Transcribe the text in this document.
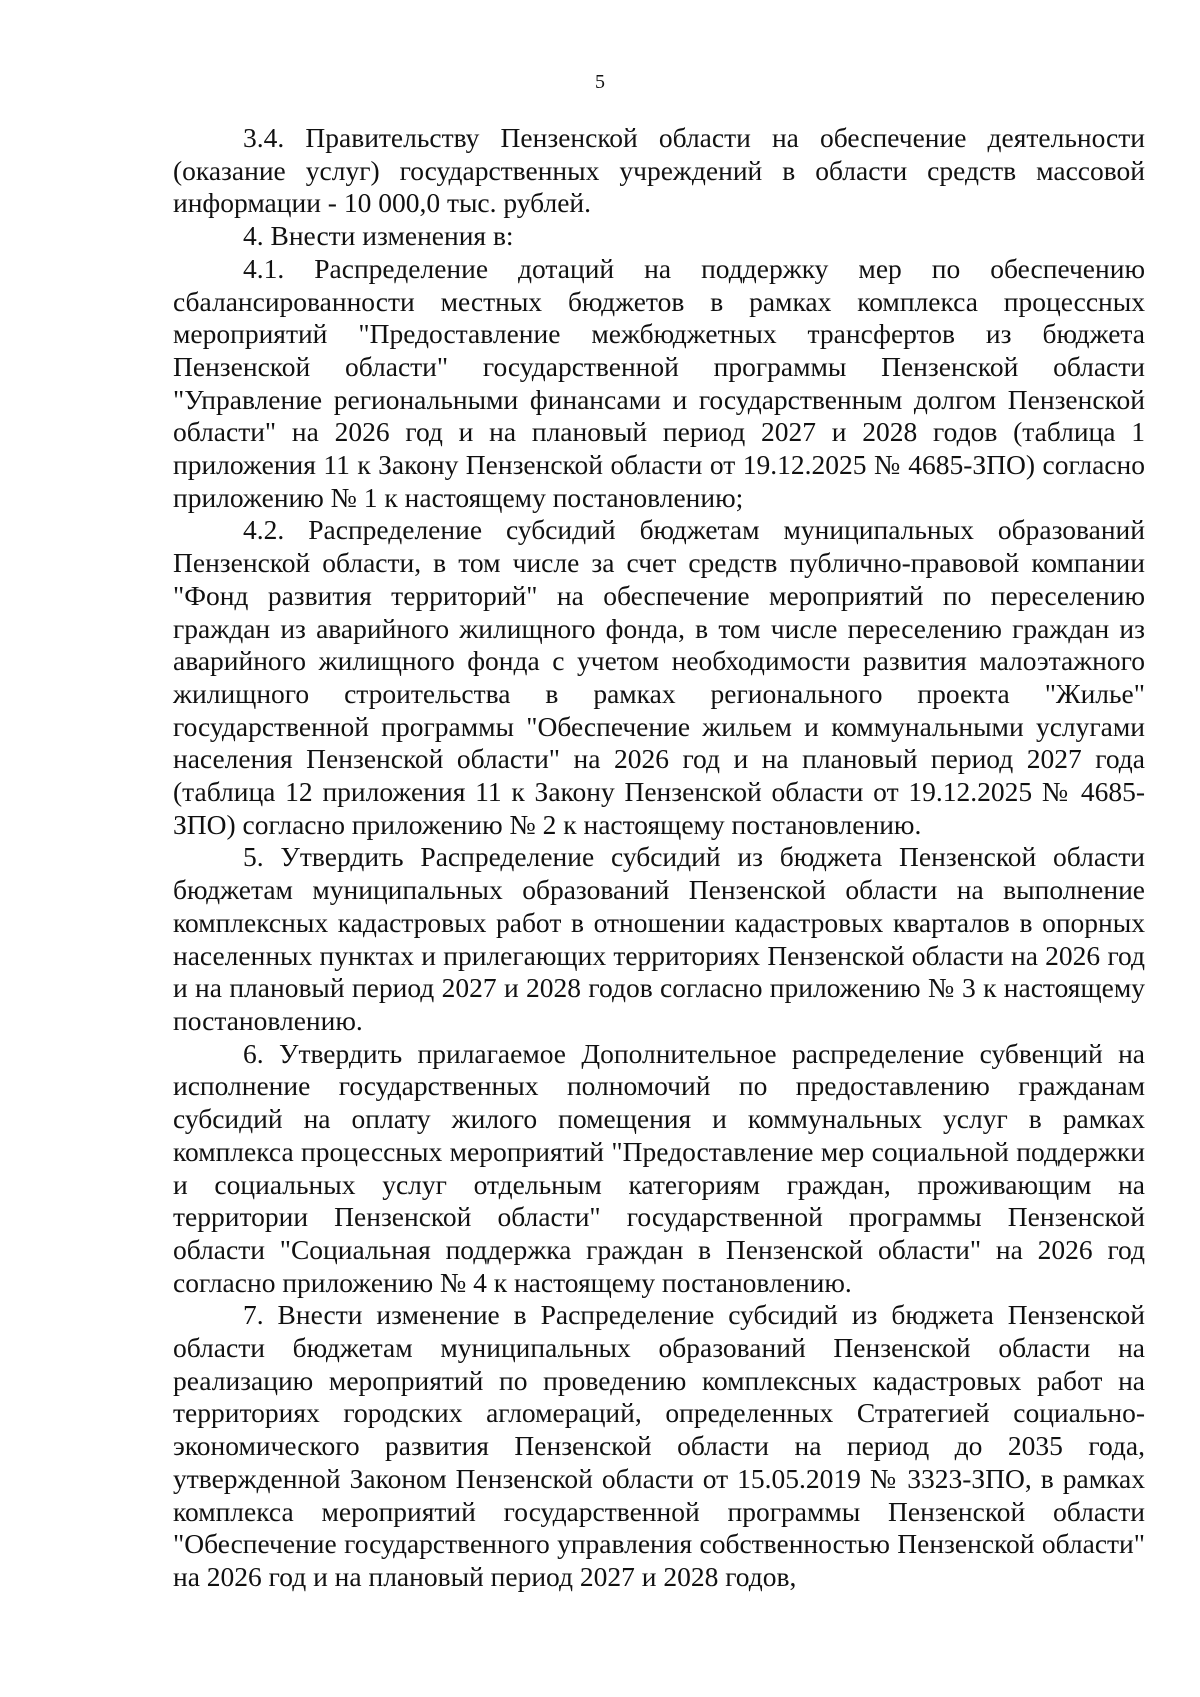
5

3.4. Правительству Пензенской области на обеспечение деятельности (оказание услуг) государственных учреждений в области средств массовой информации - 10 000,0 тыс. рублей.

4. Внести изменения в:

4.1. Распределение дотаций на поддержку мер по обеспечению сбалансированности местных бюджетов в рамках комплекса процессных мероприятий "Предоставление межбюджетных трансфертов из бюджета Пензенской области" государственной программы Пензенской области "Управление региональными финансами и государственным долгом Пензенской области" на 2026 год и на плановый период 2027 и 2028 годов (таблица 1 приложения 11 к Закону Пензенской области от 19.12.2025 № 4685-ЗПО) согласно приложению № 1 к настоящему постановлению;

4.2. Распределение субсидий бюджетам муниципальных образований Пензенской области, в том числе за счет средств публично-правовой компании "Фонд развития территорий" на обеспечение мероприятий по переселению граждан из аварийного жилищного фонда, в том числе переселению граждан из аварийного жилищного фонда с учетом необходимости развития малоэтажного жилищного строительства в рамках регионального проекта "Жилье" государственной программы "Обеспечение жильем и коммунальными услугами населения Пензенской области" на 2026 год и на плановый период 2027 года (таблица 12 приложения 11 к Закону Пензенской области от 19.12.2025 № 4685-ЗПО) согласно приложению № 2 к настоящему постановлению.

5. Утвердить Распределение субсидий из бюджета Пензенской области бюджетам муниципальных образований Пензенской области на выполнение комплексных кадастровых работ в отношении кадастровых кварталов в опорных населенных пунктах и прилегающих территориях Пензенской области на 2026 год и на плановый период 2027 и 2028 годов согласно приложению № 3 к настоящему постановлению.

6. Утвердить прилагаемое Дополнительное распределение субвенций на исполнение государственных полномочий по предоставлению гражданам субсидий на оплату жилого помещения и коммунальных услуг в рамках комплекса процессных мероприятий "Предоставление мер социальной поддержки и социальных услуг отдельным категориям граждан, проживающим на территории Пензенской области" государственной программы Пензенской области "Социальная поддержка граждан в Пензенской области" на 2026 год согласно приложению № 4 к настоящему постановлению.

7. Внести изменение в Распределение субсидий из бюджета Пензенской области бюджетам муниципальных образований Пензенской области на реализацию мероприятий по проведению комплексных кадастровых работ на территориях городских агломераций, определенных Стратегией социально-экономического развития Пензенской области на период до 2035 года, утвержденной Законом Пензенской области от 15.05.2019 № 3323-ЗПО, в рамках комплекса мероприятий государственной программы Пензенской области "Обеспечение государственного управления собственностью Пензенской области" на 2026 год и на плановый период 2027 и 2028 годов,
